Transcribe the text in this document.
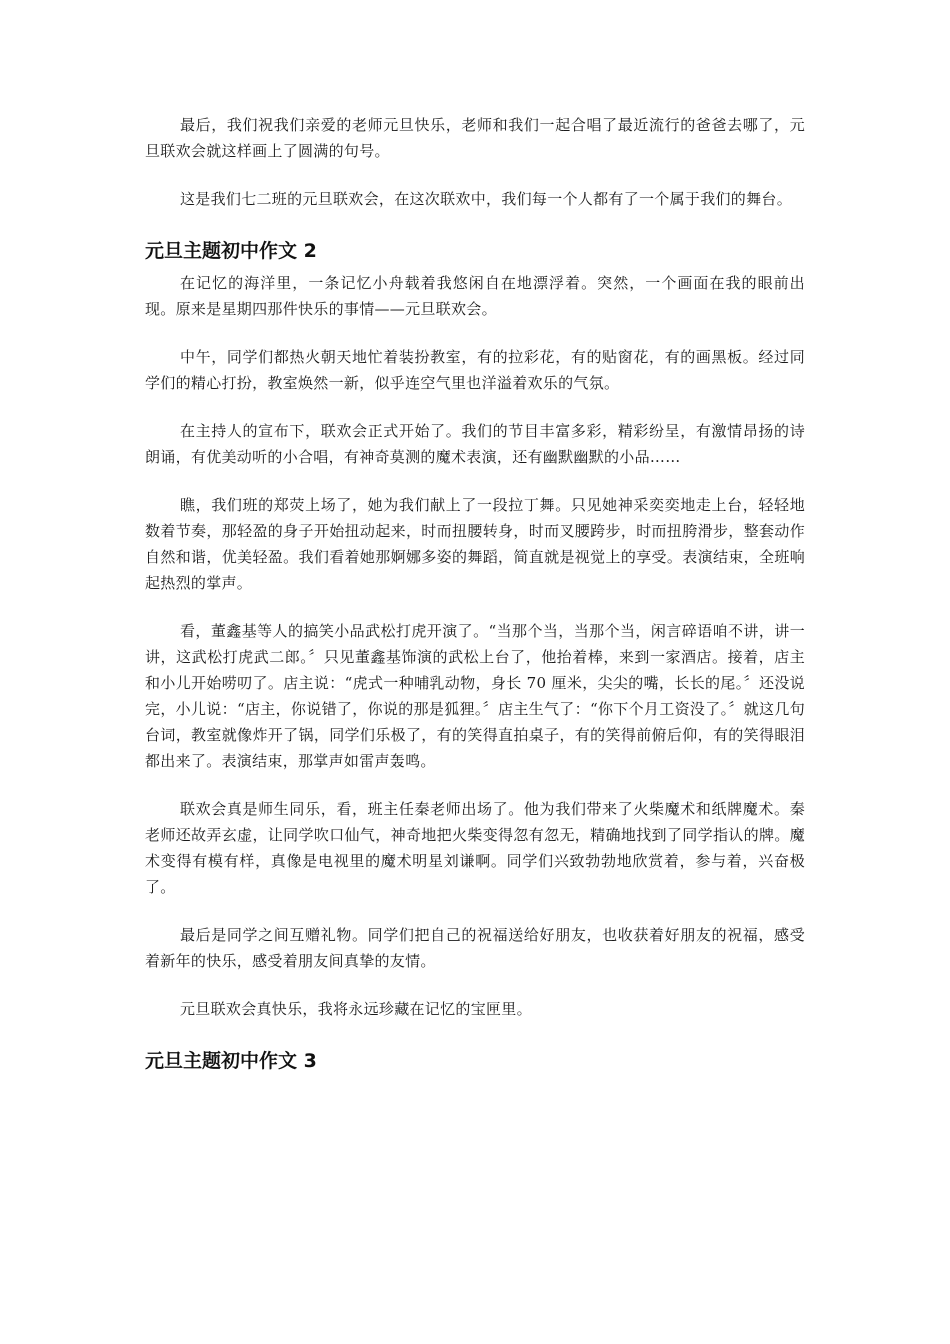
最后，我们祝我们亲爱的老师元旦快乐，老师和我们一起合唱了最近流行的爸爸去哪了，元旦联欢会就这样画上了圆满的句号。

这是我们七二班的元旦联欢会，在这次联欢中，我们每一个人都有了一个属于我们的舞台。

元旦主题初中作文 2

在记忆的海洋里，一条记忆小舟载着我悠闲自在地漂浮着。突然，一个画面在我的眼前出现。原来是星期四那件快乐的事情——元旦联欢会。

中午，同学们都热火朝天地忙着装扮教室，有的拉彩花，有的贴窗花，有的画黑板。经过同学们的精心打扮，教室焕然一新，似乎连空气里也洋溢着欢乐的气氛。

在主持人的宣布下，联欢会正式开始了。我们的节目丰富多彩，精彩纷呈，有激情昂扬的诗朗诵，有优美动听的小合唱，有神奇莫测的魔术表演，还有幽默幽默的小品……

瞧，我们班的郑荧上场了，她为我们献上了一段拉丁舞。只见她神采奕奕地走上台，轻轻地数着节奏，那轻盈的身子开始扭动起来，时而扭腰转身，时而叉腰跨步，时而扭胯滑步，整套动作自然和谐，优美轻盈。我们看着她那婀娜多姿的舞蹈，简直就是视觉上的享受。表演结束，全班响起热烈的掌声。

看，董鑫基等人的搞笑小品武松打虎开演了。“当那个当，当那个当，闲言碎语咱不讲，讲一讲，这武松打虎武二郎。〞只见董鑫基饰演的武松上台了，他抬着棒，来到一家酒店。接着，店主和小儿开始唠叨了。店主说：“虎式一种哺乳动物，身长 70 厘米，尖尖的嘴，长长的尾。〞还没说完，小儿说：“店主，你说错了，你说的那是狐狸。〞店主生气了：“你下个月工资没了。〞就这几句台词，教室就像炸开了锅，同学们乐极了，有的笑得直拍桌子，有的笑得前俯后仰，有的笑得眼泪都出来了。表演结束，那掌声如雷声轰鸣。

联欢会真是师生同乐，看，班主任秦老师出场了。他为我们带来了火柴魔术和纸牌魔术。秦老师还故弄玄虚，让同学吹口仙气，神奇地把火柴变得忽有忽无，精确地找到了同学指认的牌。魔术变得有模有样，真像是电视里的魔术明星刘谦啊。同学们兴致勃勃地欣赏着，参与着，兴奋极了。

最后是同学之间互赠礼物。同学们把自己的祝福送给好朋友，也收获着好朋友的祝福，感受着新年的快乐，感受着朋友间真挚的友情。

元旦联欢会真快乐，我将永远珍藏在记忆的宝匣里。

元旦主题初中作文 3
